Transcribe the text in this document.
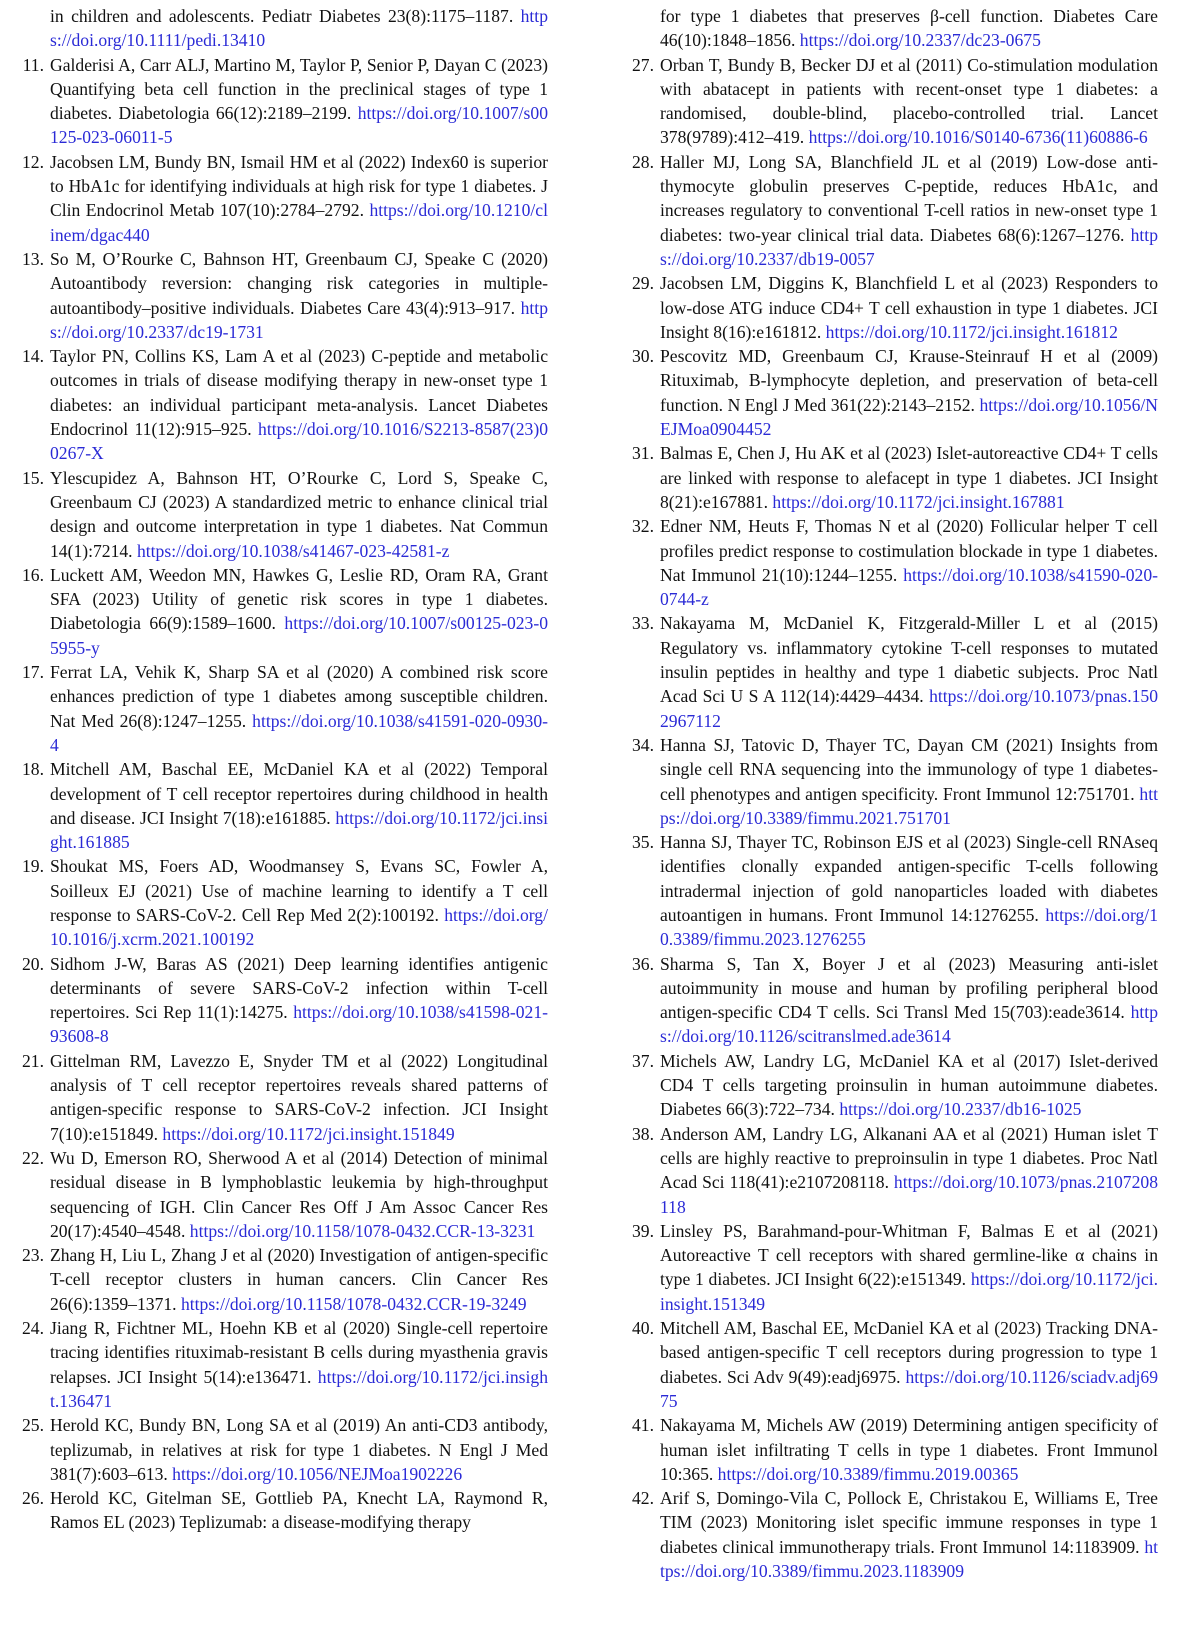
in children and adolescents. Pediatr Diabetes 23(8):1175–1187. https://doi.org/10.1111/pedi.13410
11. Galderisi A, Carr ALJ, Martino M, Taylor P, Senior P, Dayan C (2023) Quantifying beta cell function in the preclinical stages of type 1 diabetes. Diabetologia 66(12):2189–2199. https://doi.org/10.1007/s00125-023-06011-5
12. Jacobsen LM, Bundy BN, Ismail HM et al (2022) Index60 is superior to HbA1c for identifying individuals at high risk for type 1 diabetes. J Clin Endocrinol Metab 107(10):2784–2792. https://doi.org/10.1210/clinem/dgac440
13. So M, O’Rourke C, Bahnson HT, Greenbaum CJ, Speake C (2020) Autoantibody reversion: changing risk categories in multiple-autoantibody–positive individuals. Diabetes Care 43(4):913–917. https://doi.org/10.2337/dc19-1731
14. Taylor PN, Collins KS, Lam A et al (2023) C-peptide and metabolic outcomes in trials of disease modifying therapy in new-onset type 1 diabetes: an individual participant meta-analysis. Lancet Diabetes Endocrinol 11(12):915–925. https://doi.org/10.1016/S2213-8587(23)00267-X
15. Ylescupidez A, Bahnson HT, O’Rourke C, Lord S, Speake C, Greenbaum CJ (2023) A standardized metric to enhance clinical trial design and outcome interpretation in type 1 diabetes. Nat Commun 14(1):7214. https://doi.org/10.1038/s41467-023-42581-z
16. Luckett AM, Weedon MN, Hawkes G, Leslie RD, Oram RA, Grant SFA (2023) Utility of genetic risk scores in type 1 diabetes. Diabetologia 66(9):1589–1600. https://doi.org/10.1007/s00125-023-05955-y
17. Ferrat LA, Vehik K, Sharp SA et al (2020) A combined risk score enhances prediction of type 1 diabetes among susceptible children. Nat Med 26(8):1247–1255. https://doi.org/10.1038/s41591-020-0930-4
18. Mitchell AM, Baschal EE, McDaniel KA et al (2022) Temporal development of T cell receptor repertoires during childhood in health and disease. JCI Insight 7(18):e161885. https://doi.org/10.1172/jci.insight.161885
19. Shoukat MS, Foers AD, Woodmansey S, Evans SC, Fowler A, Soilleux EJ (2021) Use of machine learning to identify a T cell response to SARS-CoV-2. Cell Rep Med 2(2):100192. https://doi.org/10.1016/j.xcrm.2021.100192
20. Sidhom J-W, Baras AS (2021) Deep learning identifies antigenic determinants of severe SARS-CoV-2 infection within T-cell repertoires. Sci Rep 11(1):14275. https://doi.org/10.1038/s41598-021-93608-8
21. Gittelman RM, Lavezzo E, Snyder TM et al (2022) Longitudinal analysis of T cell receptor repertoires reveals shared patterns of antigen-specific response to SARS-CoV-2 infection. JCI Insight 7(10):e151849. https://doi.org/10.1172/jci.insight.151849
22. Wu D, Emerson RO, Sherwood A et al (2014) Detection of minimal residual disease in B lymphoblastic leukemia by high-throughput sequencing of IGH. Clin Cancer Res Off J Am Assoc Cancer Res 20(17):4540–4548. https://doi.org/10.1158/1078-0432.CCR-13-3231
23. Zhang H, Liu L, Zhang J et al (2020) Investigation of antigen-specific T-cell receptor clusters in human cancers. Clin Cancer Res 26(6):1359–1371. https://doi.org/10.1158/1078-0432.CCR-19-3249
24. Jiang R, Fichtner ML, Hoehn KB et al (2020) Single-cell repertoire tracing identifies rituximab-resistant B cells during myasthenia gravis relapses. JCI Insight 5(14):e136471. https://doi.org/10.1172/jci.insight.136471
25. Herold KC, Bundy BN, Long SA et al (2019) An anti-CD3 antibody, teplizumab, in relatives at risk for type 1 diabetes. N Engl J Med 381(7):603–613. https://doi.org/10.1056/NEJMoa1902226
26. Herold KC, Gitelman SE, Gottlieb PA, Knecht LA, Raymond R, Ramos EL (2023) Teplizumab: a disease-modifying therapy
for type 1 diabetes that preserves β-cell function. Diabetes Care 46(10):1848–1856. https://doi.org/10.2337/dc23-0675
27. Orban T, Bundy B, Becker DJ et al (2011) Co-stimulation modulation with abatacept in patients with recent-onset type 1 diabetes: a randomised, double-blind, placebo-controlled trial. Lancet 378(9789):412–419. https://doi.org/10.1016/S0140-6736(11)60886-6
28. Haller MJ, Long SA, Blanchfield JL et al (2019) Low-dose anti-thymocyte globulin preserves C-peptide, reduces HbA1c, and increases regulatory to conventional T-cell ratios in new-onset type 1 diabetes: two-year clinical trial data. Diabetes 68(6):1267–1276. https://doi.org/10.2337/db19-0057
29. Jacobsen LM, Diggins K, Blanchfield L et al (2023) Responders to low-dose ATG induce CD4+ T cell exhaustion in type 1 diabetes. JCI Insight 8(16):e161812. https://doi.org/10.1172/jci.insight.161812
30. Pescovitz MD, Greenbaum CJ, Krause-Steinrauf H et al (2009) Rituximab, B-lymphocyte depletion, and preservation of beta-cell function. N Engl J Med 361(22):2143–2152. https://doi.org/10.1056/NEJMoa0904452
31. Balmas E, Chen J, Hu AK et al (2023) Islet-autoreactive CD4+ T cells are linked with response to alefacept in type 1 diabetes. JCI Insight 8(21):e167881. https://doi.org/10.1172/jci.insight.167881
32. Edner NM, Heuts F, Thomas N et al (2020) Follicular helper T cell profiles predict response to costimulation blockade in type 1 diabetes. Nat Immunol 21(10):1244–1255. https://doi.org/10.1038/s41590-020-0744-z
33. Nakayama M, McDaniel K, Fitzgerald-Miller L et al (2015) Regulatory vs. inflammatory cytokine T-cell responses to mutated insulin peptides in healthy and type 1 diabetic subjects. Proc Natl Acad Sci U S A 112(14):4429–4434. https://doi.org/10.1073/pnas.1502967112
34. Hanna SJ, Tatovic D, Thayer TC, Dayan CM (2021) Insights from single cell RNA sequencing into the immunology of type 1 diabetes- cell phenotypes and antigen specificity. Front Immunol 12:751701. https://doi.org/10.3389/fimmu.2021.751701
35. Hanna SJ, Thayer TC, Robinson EJS et al (2023) Single-cell RNAseq identifies clonally expanded antigen-specific T-cells following intradermal injection of gold nanoparticles loaded with diabetes autoantigen in humans. Front Immunol 14:1276255. https://doi.org/10.3389/fimmu.2023.1276255
36. Sharma S, Tan X, Boyer J et al (2023) Measuring anti-islet autoimmunity in mouse and human by profiling peripheral blood antigen-specific CD4 T cells. Sci Transl Med 15(703):eade3614. https://doi.org/10.1126/scitranslmed.ade3614
37. Michels AW, Landry LG, McDaniel KA et al (2017) Islet-derived CD4 T cells targeting proinsulin in human autoimmune diabetes. Diabetes 66(3):722–734. https://doi.org/10.2337/db16-1025
38. Anderson AM, Landry LG, Alkanani AA et al (2021) Human islet T cells are highly reactive to preproinsulin in type 1 diabetes. Proc Natl Acad Sci 118(41):e2107208118. https://doi.org/10.1073/pnas.2107208118
39. Linsley PS, Barahmand-pour-Whitman F, Balmas E et al (2021) Autoreactive T cell receptors with shared germline-like α chains in type 1 diabetes. JCI Insight 6(22):e151349. https://doi.org/10.1172/jci.insight.151349
40. Mitchell AM, Baschal EE, McDaniel KA et al (2023) Tracking DNA-based antigen-specific T cell receptors during progression to type 1 diabetes. Sci Adv 9(49):eadj6975. https://doi.org/10.1126/sciadv.adj6975
41. Nakayama M, Michels AW (2019) Determining antigen specificity of human islet infiltrating T cells in type 1 diabetes. Front Immunol 10:365. https://doi.org/10.3389/fimmu.2019.00365
42. Arif S, Domingo-Vila C, Pollock E, Christakou E, Williams E, Tree TIM (2023) Monitoring islet specific immune responses in type 1 diabetes clinical immunotherapy trials. Front Immunol 14:1183909. https://doi.org/10.3389/fimmu.2023.1183909
